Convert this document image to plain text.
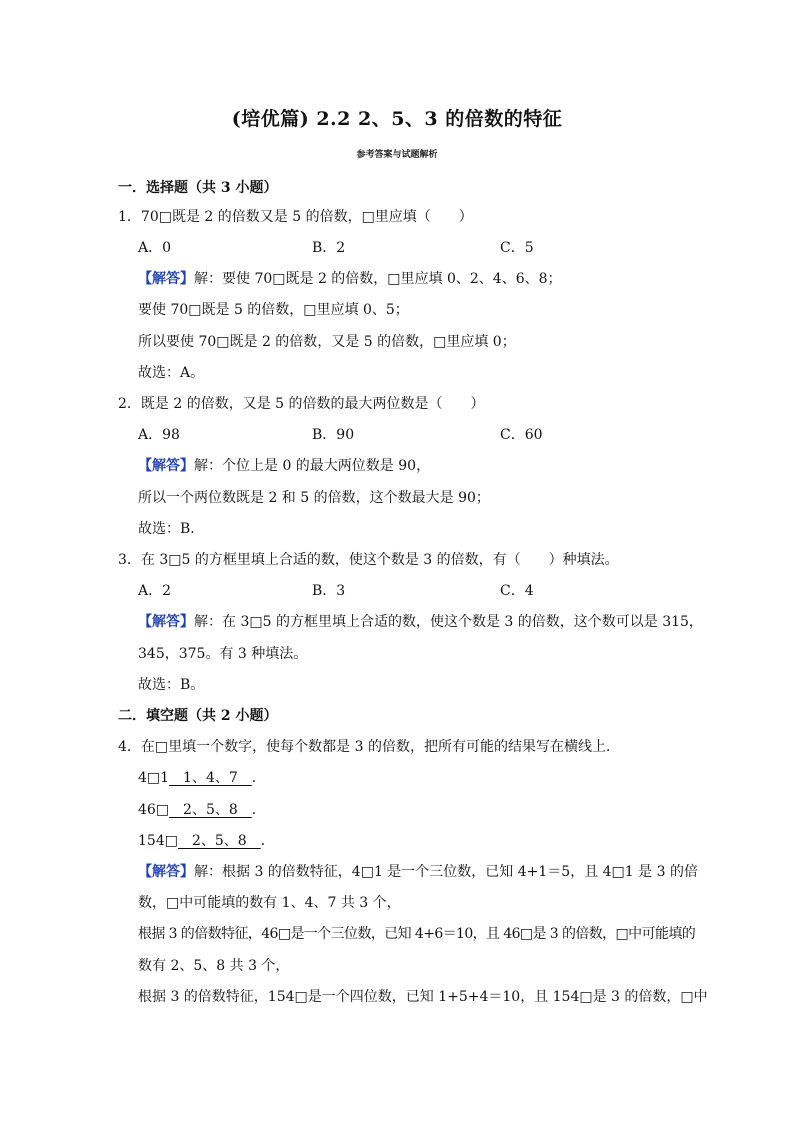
(培优篇) 2.2 2、5、3 的倍数的特征
参考答案与试题解析
一．选择题（共 3 小题）
1．70□既是 2 的倍数又是 5 的倍数，□里应填（　　）
A．0	B．2	C．5
【解答】解：要使 70□既是 2 的倍数，□里应填 0、2、4、6、8；
要使 70□既是 5 的倍数，□里应填 0、5；
所以要使 70□既是 2 的倍数，又是 5 的倍数，□里应填 0；
故选：A。
2．既是 2 的倍数，又是 5 的倍数的最大两位数是（　　）
A．98	B．90	C．60
【解答】解：个位上是 0 的最大两位数是 90，
所以一个两位数既是 2 和 5 的倍数，这个数最大是 90；
故选：B．
3．在 3□5 的方框里填上合适的数，使这个数是 3 的倍数，有（　　）种填法。
A．2	B．3	C．4
【解答】解：在 3□5 的方框里填上合适的数，使这个数是 3 的倍数，这个数可以是 315，
345，375。有 3 种填法。
故选：B。
二．填空题（共 2 小题）
4．在□里填一个数字，使每个数都是 3 的倍数，把所有可能的结果写在横线上．
4□1　1、4、7　．
46□　2、5、8　．
154□　2、5、8　．
【解答】解：根据 3 的倍数特征，4□1 是一个三位数，已知 4+1＝5，且 4□1 是 3 的倍
数，□中可能填的数有 1、4、7 共 3 个，
根据 3 的倍数特征，46□是一个三位数，已知 4+6＝10，且 46□是 3 的倍数，□中可能填的
数有 2、5、8 共 3 个，
根据 3 的倍数特征，154□是一个四位数，已知 1+5+4＝10，且 154□是 3 的倍数，□中
